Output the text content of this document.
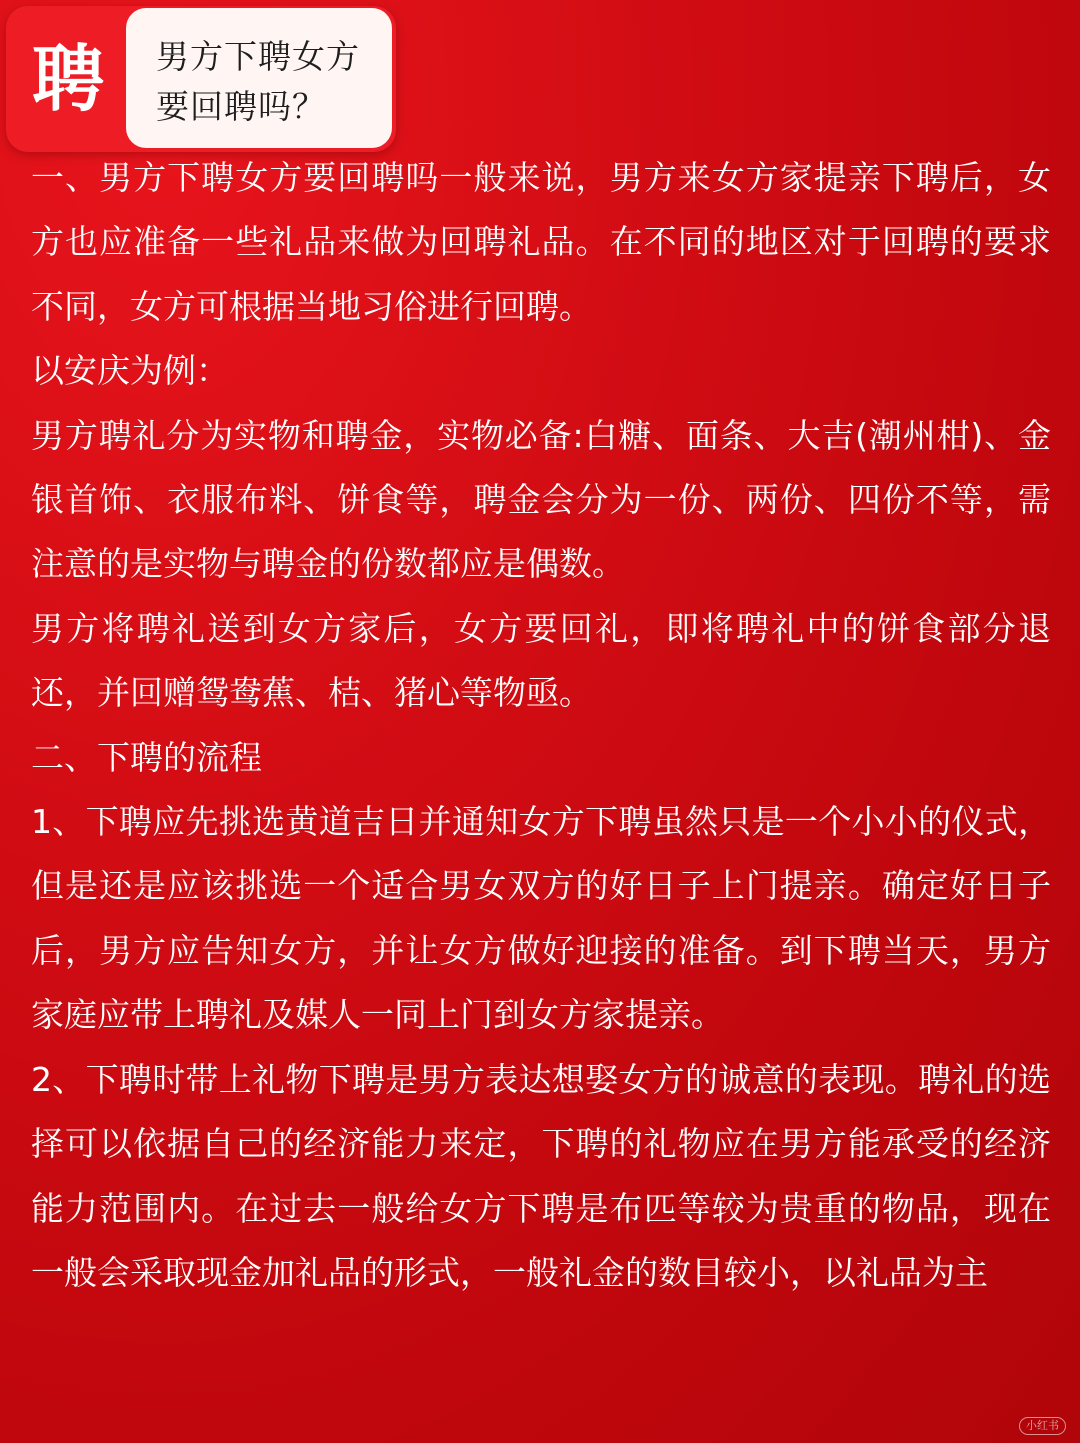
聘	男方下聘女方要回聘吗？

一、男方下聘女方要回聘吗一般来说，男方来女方家提亲下聘后，女方也应准备一些礼品来做为回聘礼品。在不同的地区对于回聘的要求不同，女方可根据当地习俗进行回聘。

以安庆为例：

男方聘礼分为实物和聘金，实物必备:白糖、面条、大吉(潮州柑)、金银首饰、衣服布料、饼食等，聘金会分为一份、两份、四份不等，需注意的是实物与聘金的份数都应是偶数。

男方将聘礼送到女方家后，女方要回礼，即将聘礼中的饼食部分退还，并回赠鸳鸯蕉、桔、猪心等物亟。

二、下聘的流程

1、下聘应先挑选黄道吉日并通知女方下聘虽然只是一个小小的仪式，但是还是应该挑选一个适合男女双方的好日子上门提亲。确定好日子后，男方应告知女方，并让女方做好迎接的准备。到下聘当天，男方家庭应带上聘礼及媒人一同上门到女方家提亲。

2、下聘时带上礼物下聘是男方表达想娶女方的诚意的表现。聘礼的选择可以依据自己的经济能力来定，下聘的礼物应在男方能承受的经济能力范围内。在过去一般给女方下聘是布匹等较为贵重的物品，现在一般会采取现金加礼品的形式，一般礼金的数目较小，以礼品为主

小红书
